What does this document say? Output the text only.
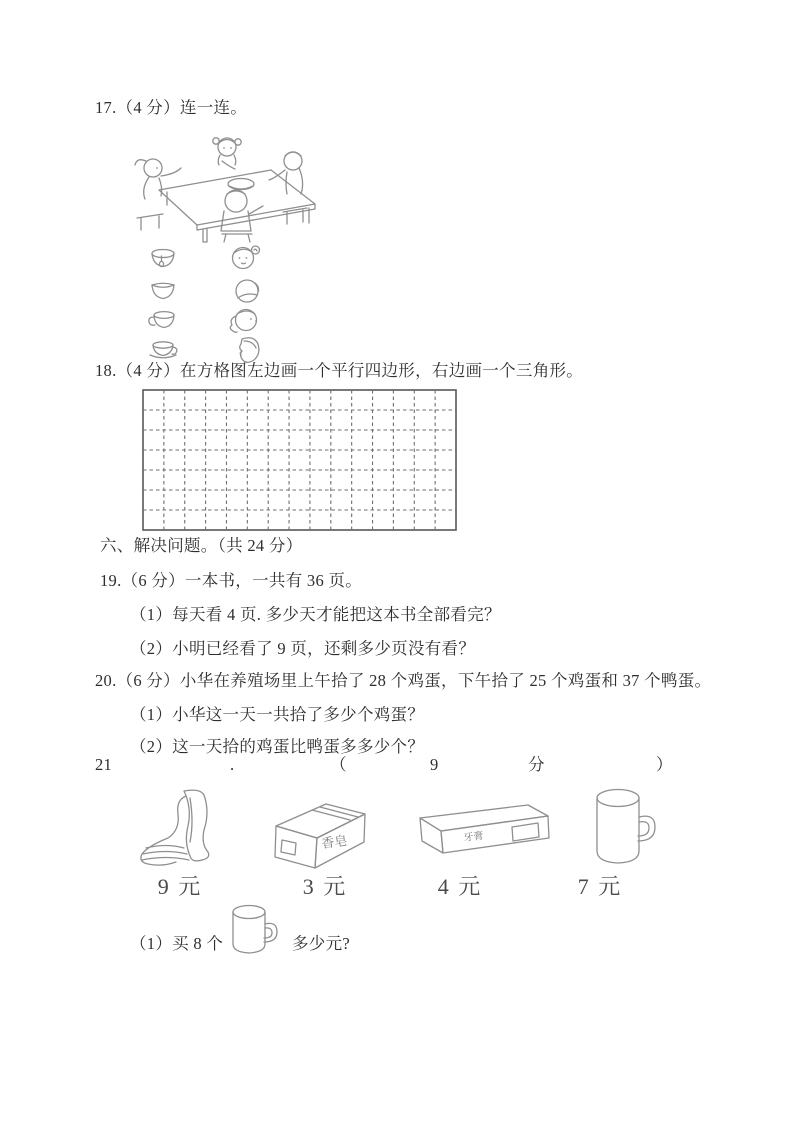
17.（4 分）连一连。
18.（4 分）在方格图左边画一个平行四边形，右边画一个三角形。
六、解决问题。（共 24 分）
19.（6 分）一本书，一共有 36 页。
（1）每天看 4 页. 多少天才能把这本书全部看完？
（2）小明已经看了 9 页，还剩多少页没有看？
20.（6 分）小华在养殖场里上午拾了 28 个鸡蛋，下午拾了 25 个鸡蛋和 37 个鸭蛋。
（1）小华这一天一共拾了多少个鸡蛋？
（2）这一天拾的鸡蛋比鸭蛋多多少个？
21	.	（	9	分	）
香皂	牙膏
9 元	3 元	4 元	7 元
（1）买 8 个	多少元?
